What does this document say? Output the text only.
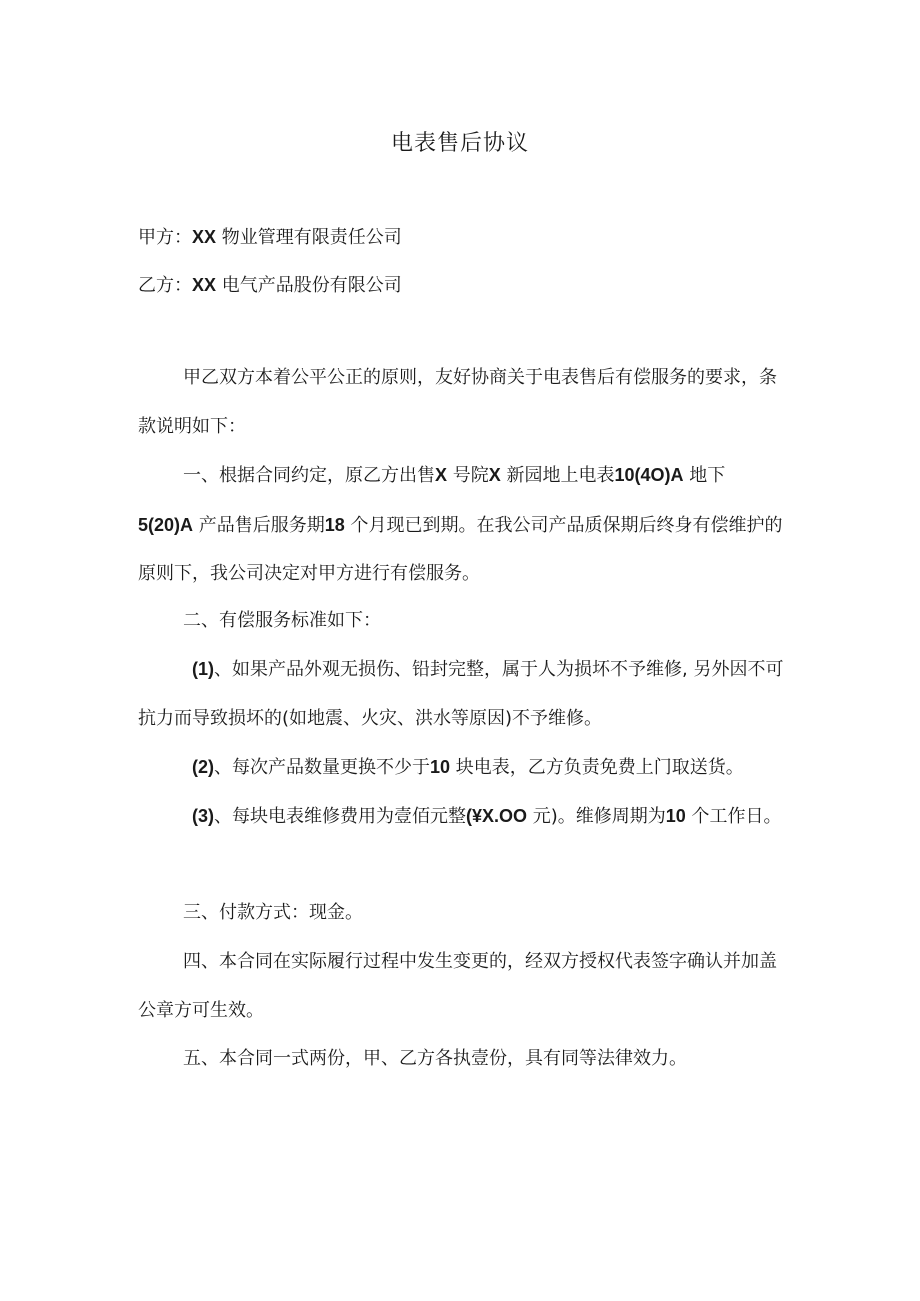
电表售后协议
甲方：XX 物业管理有限责任公司
乙方：XX 电气产品股份有限公司
甲乙双方本着公平公正的原则，友好协商关于电表售后有偿服务的要求，条款说明如下：
一、根据合同约定，原乙方出售X 号院X 新园地上电表10(4O)A 地下
5(20)A 产品售后服务期18 个月现已到期。在我公司产品质保期后终身有偿维护的原则下，我公司决定对甲方进行有偿服务。
二、有偿服务标准如下：
(1)、如果产品外观无损伤、铅封完整，属于人为损坏不予维修, 另外因不可抗力而导致损坏的(如地震、火灾、洪水等原因)不予维修。
(2)、每次产品数量更换不少于10 块电表，乙方负责免费上门取送货。
(3)、每块电表维修费用为壹佰元整(¥X.OO 元)。维修周期为10 个工作日。
三、付款方式：现金。
四、本合同在实际履行过程中发生变更的，经双方授权代表签字确认并加盖公章方可生效。
五、本合同一式两份，甲、乙方各执壹份，具有同等法律效力。
